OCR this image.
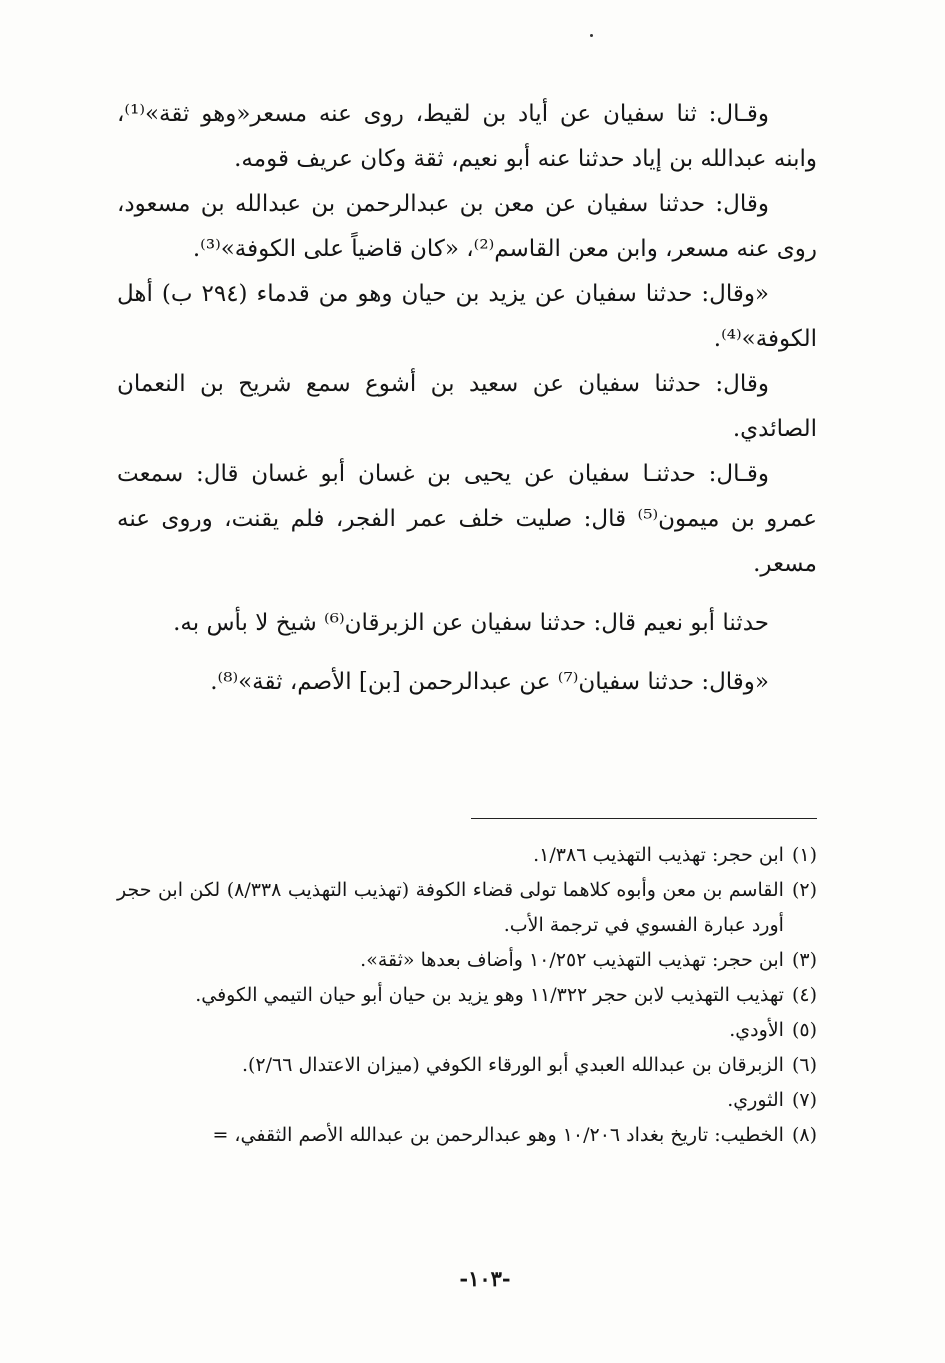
وقـال: ثنا سفيان عن أياد بن لقيط، روى عنه مسعر«وهو ثقة»⁽¹⁾، وابنه عبدالله بن إياد حدثنا عنه أبو نعيم، ثقة وكان عريف قومه.

وقال: حدثنا سفيان عن معن بن عبدالرحمن بن عبدالله بن مسعود، روى عنه مسعر، وابن معن القاسم⁽²⁾، «كان قاضياً على الكوفة»⁽³⁾.

«وقال: حدثنا سفيان عن يزيد بن حيان وهو من قدماء (٢٩٤ ب) أهل الكوفة»⁽⁴⁾.

وقال: حدثنا سفيان عن سعيد بن أشوع سمع شريح بن النعمان الصائدي.

وقـال: حدثنـا سفيان عن يحيى بن غسان أبو غسان قال: سمعت عمرو بن ميمون⁽⁵⁾ قال: صليت خلف عمر الفجر، فلم يقنت، وروى عنه مسعر.

حدثنا أبو نعيم قال: حدثنا سفيان عن الزبرقان⁽⁶⁾ شيخ لا بأس به.

«وقال: حدثنا سفيان⁽⁷⁾ عن عبدالرحمن [بن] الأصم، ثقة»⁽⁸⁾.

(١)
ابن حجر: تهذيب التهذيب ١/٣٨٦.
(٢)
القاسم بن معن وأبوه كلاهما تولى قضاء الكوفة (تهذيب التهذيب ٨/٣٣٨) لكن ابن حجر أورد عبارة الفسوي في ترجمة الأب.
(٣)
ابن حجر: تهذيب التهذيب ١٠/٢٥٢ وأضاف بعدها «ثقة».
(٤)
تهذيب التهذيب لابن حجر ١١/٣٢٢ وهو يزيد بن حيان أبو حيان التيمي الكوفي.
(٥)
الأودي.
(٦)
الزبرقان بن عبدالله العبدي أبو الورقاء الكوفي (ميزان الاعتدال ٢/٦٦).
(٧)
الثوري.
(٨)
الخطيب: تاريخ بغداد ١٠/٢٠٦ وهو عبدالرحمن بن عبدالله الأصم الثقفي، =
-١٠٣-
